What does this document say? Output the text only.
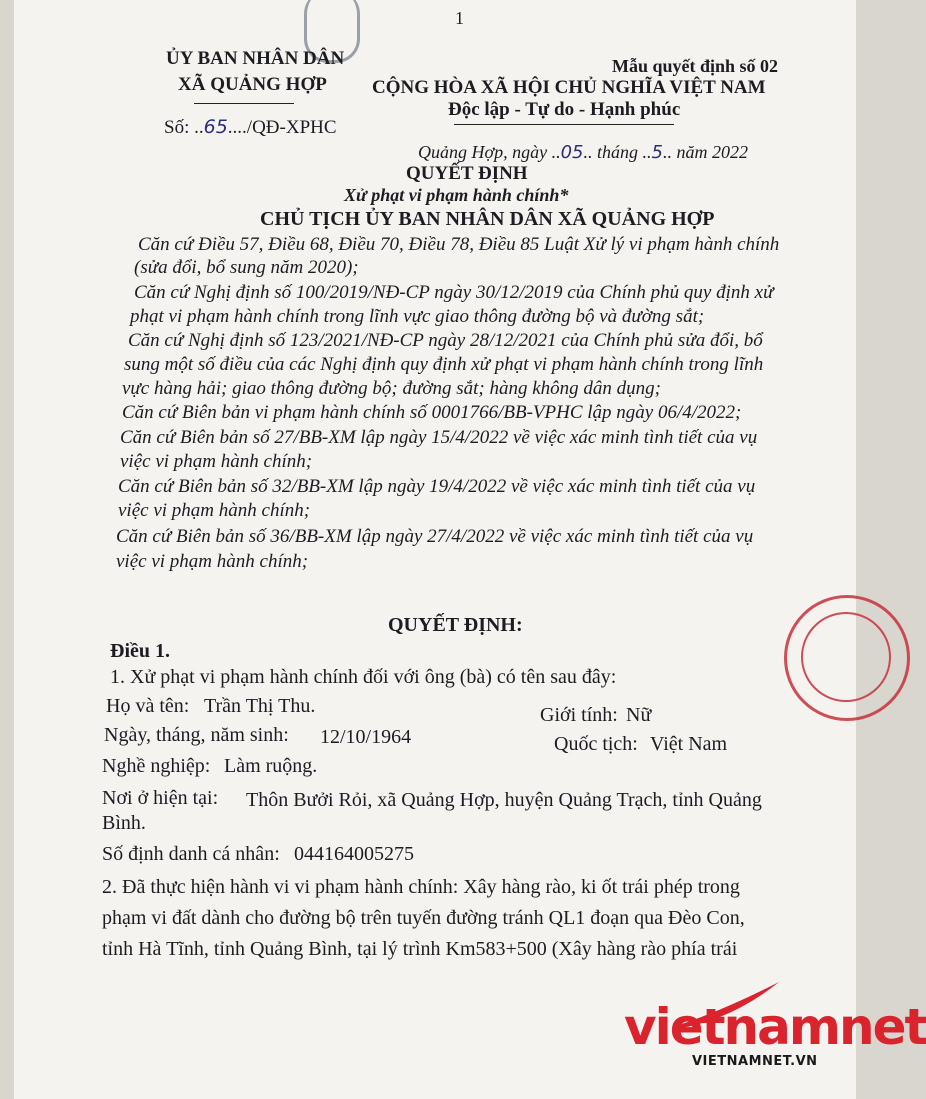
1
ỦY BAN NHÂN DÂN
XÃ QUẢNG HỢP
Số: ..65..../QĐ-XPHC
Mẫu quyết định số 02
CỘNG HÒA XÃ HỘI CHỦ NGHĨA VIỆT NAM
Độc lập - Tự do - Hạnh phúc
Quảng Hợp, ngày ..05.. tháng ..5.. năm 2022
QUYẾT ĐỊNH
Xử phạt vi phạm hành chính*
CHỦ TỊCH ỦY BAN NHÂN DÂN XÃ QUẢNG HỢP
Căn cứ Điều 57, Điều 68, Điều 70, Điều 78, Điều 85 Luật Xử lý vi phạm hành chính
(sửa đổi, bổ sung năm 2020);
Căn cứ Nghị định số 100/2019/NĐ-CP ngày 30/12/2019 của Chính phủ quy định xử
phạt vi phạm hành chính trong lĩnh vực giao thông đường bộ và đường sắt;
Căn cứ Nghị định số 123/2021/NĐ-CP ngày 28/12/2021 của Chính phủ sửa đổi, bổ
sung một số điều của các Nghị định quy định xử phạt vi phạm hành chính trong lĩnh
vực hàng hải; giao thông đường bộ; đường sắt; hàng không dân dụng;
Căn cứ Biên bản vi phạm hành chính số 0001766/BB-VPHC lập ngày 06/4/2022;
Căn cứ Biên bản số 27/BB-XM lập ngày 15/4/2022 về việc xác minh tình tiết của vụ
việc vi phạm hành chính;
Căn cứ Biên bản số 32/BB-XM lập ngày 19/4/2022 về việc xác minh tình tiết của vụ
việc vi phạm hành chính;
Căn cứ Biên bản số 36/BB-XM lập ngày 27/4/2022 về việc xác minh tình tiết của vụ
việc vi phạm hành chính;
QUYẾT ĐỊNH:
Điều 1.
1. Xử phạt vi phạm hành chính đối với ông (bà) có tên sau đây:
Họ và tên: Trần Thị Thu.	Giới tính: Nữ
Ngày, tháng, năm sinh: 12/10/1964	Quốc tịch: Việt Nam
Nghề nghiệp: Làm ruộng.
Nơi ở hiện tại: Thôn Bưởi Rỏi, xã Quảng Hợp, huyện Quảng Trạch, tỉnh Quảng
Bình.
Số định danh cá nhân: 044164005275
2. Đã thực hiện hành vi vi phạm hành chính: Xây hàng rào, ki ốt trái phép trong
phạm vi đất dành cho đường bộ trên tuyến đường tránh QL1 đoạn qua Đèo Con,
tỉnh Hà Tĩnh, tỉnh Quảng Bình, tại lý trình Km583+500 (Xây hàng rào phía trái
vietnamnet
VIETNAMNET.VN
